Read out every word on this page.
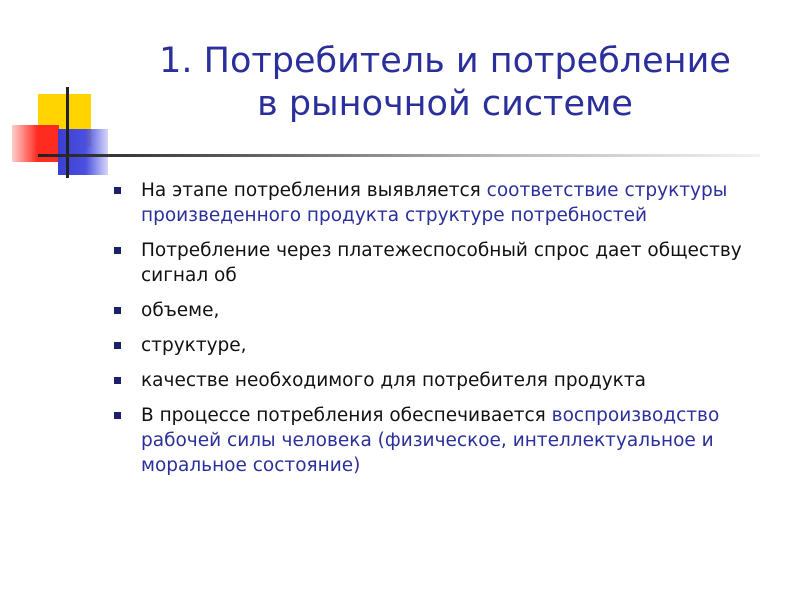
1. Потребитель и потребление
в рыночной системе
На этапе потребления выявляется соответствие структуры произведенного продукта структуре потребностей
Потребление через платежеспособный спрос дает обществу сигнал об
объеме,
структуре,
качестве необходимого для потребителя продукта
В процессе потребления обеспечивается воспроизводство рабочей силы человека (физическое, интеллектуальное и моральное состояние)
